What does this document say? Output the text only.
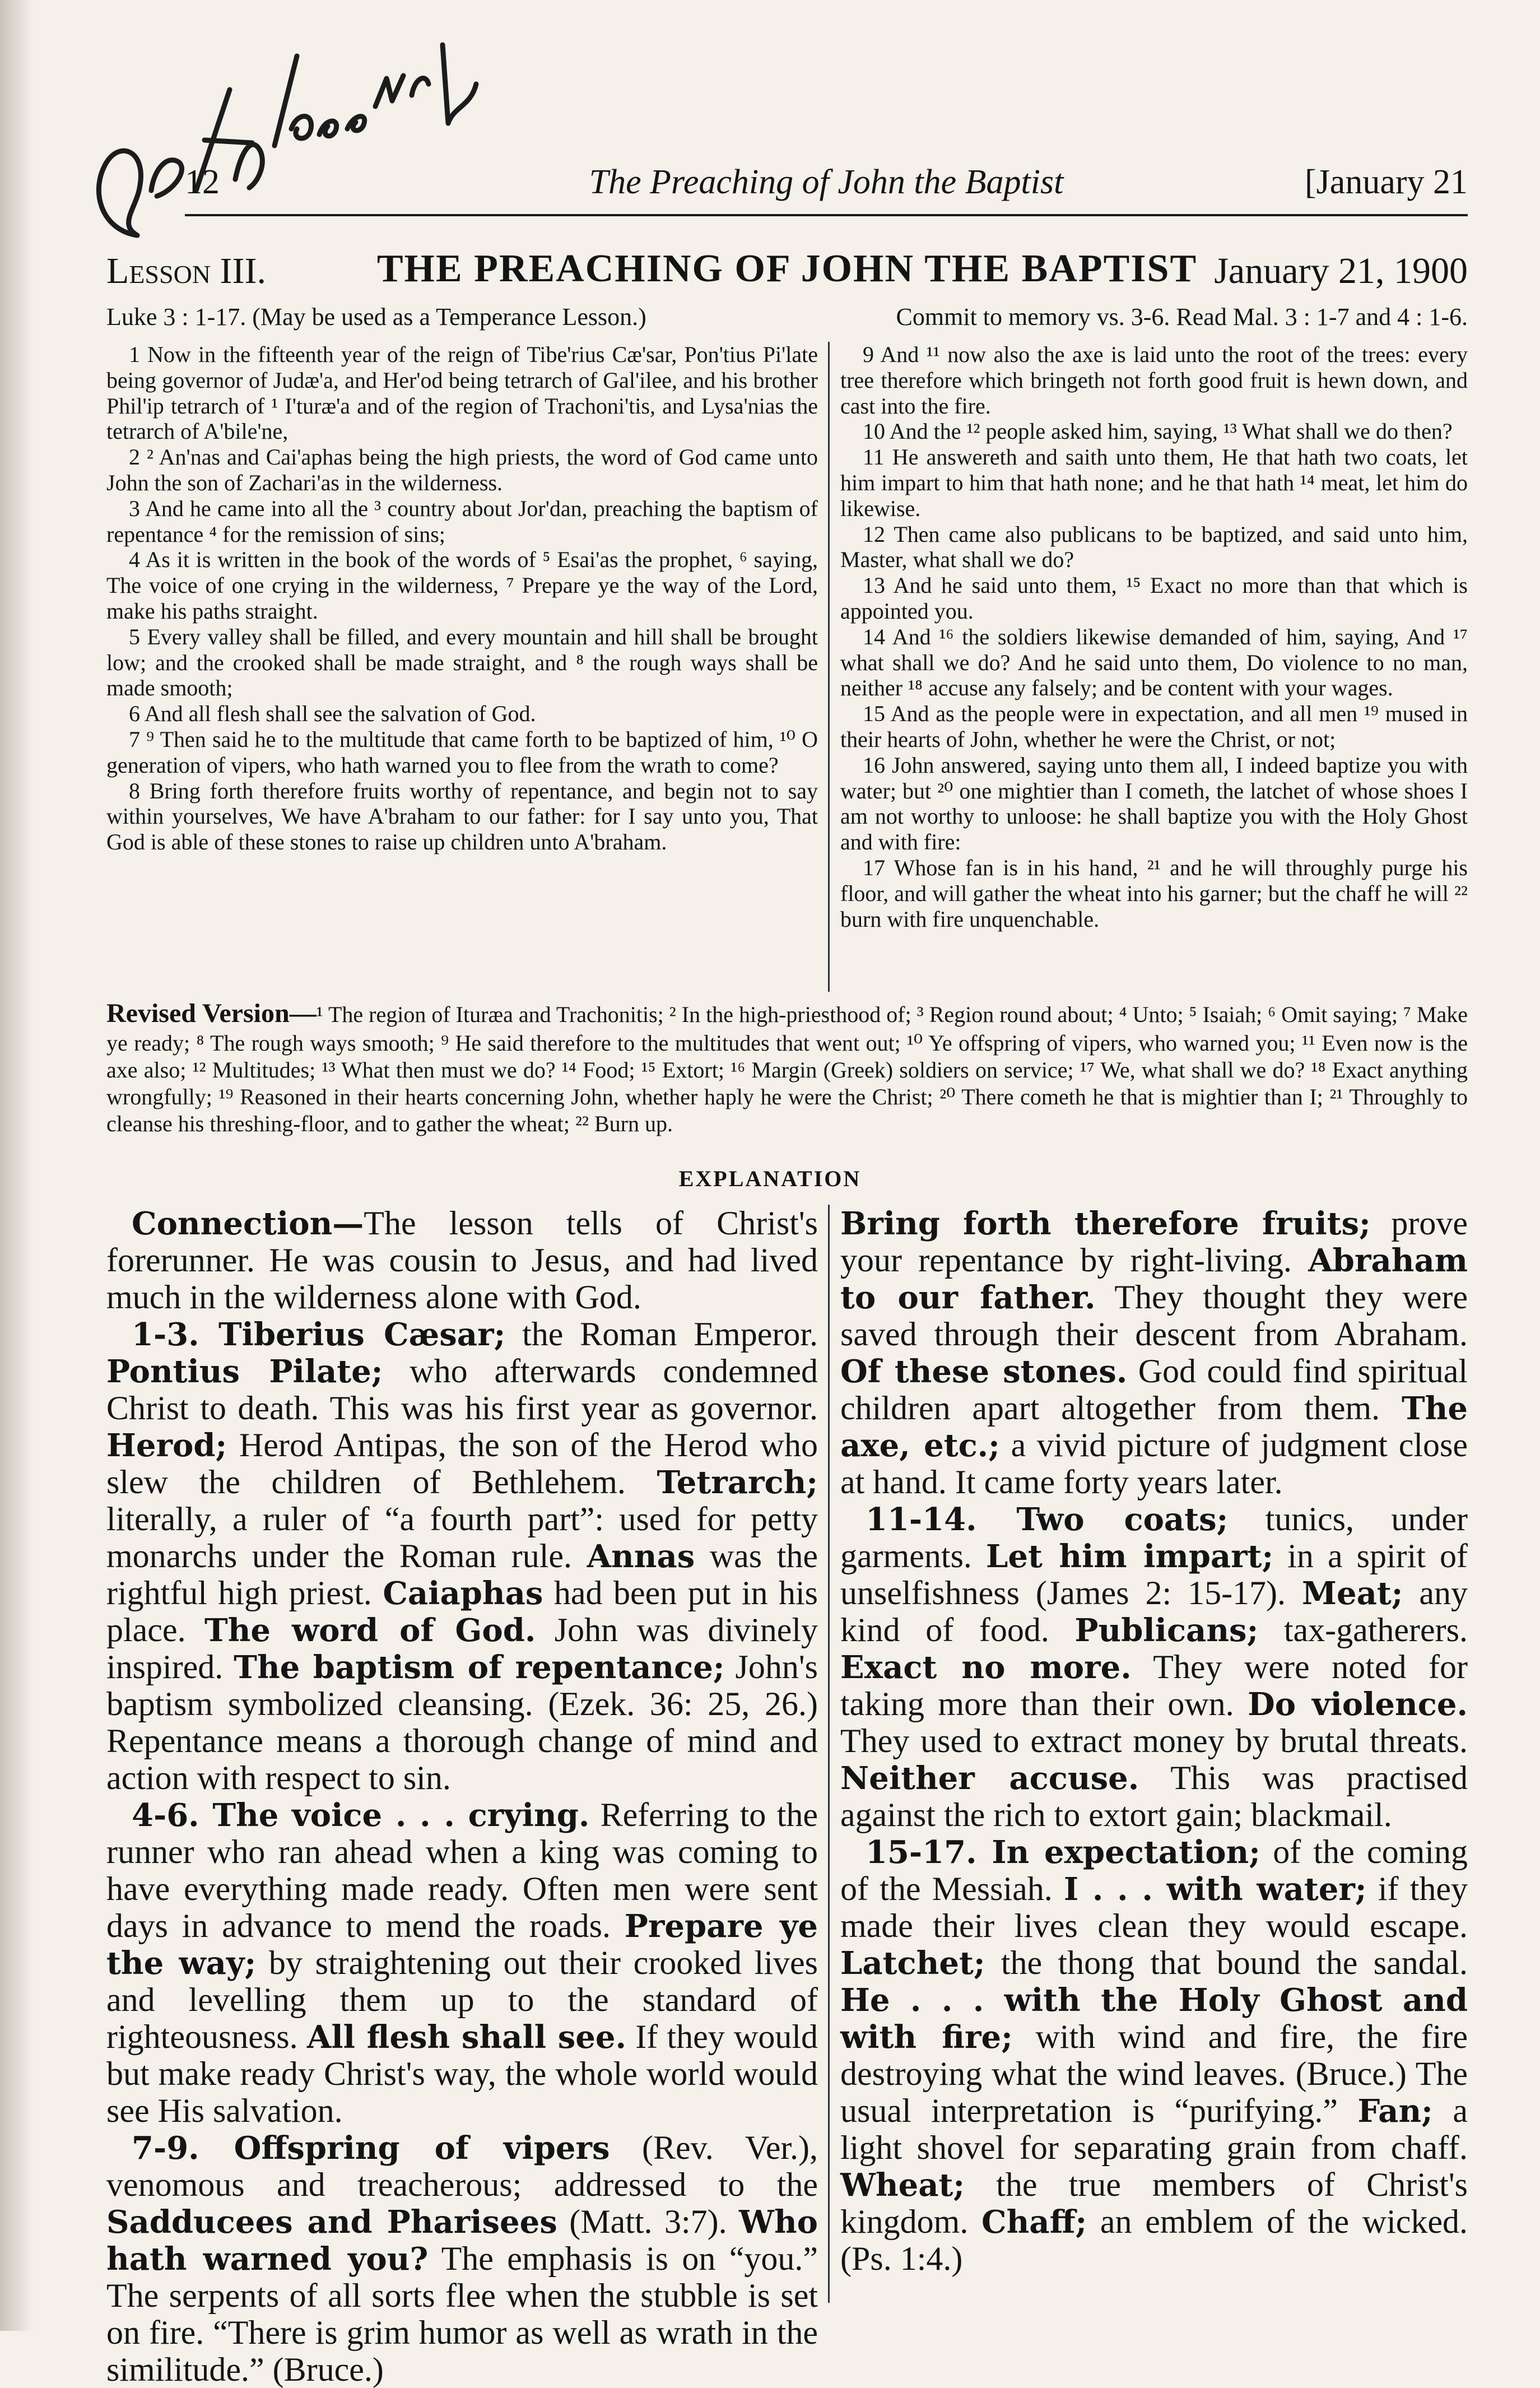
12	The Preaching of John the Baptist	[January 21
Lesson III.	THE PREACHING OF JOHN THE BAPTIST January 21, 1900
Luke 3 : 1-17. (May be used as a Temperance Lesson.)	Commit to memory vs. 3-6. Read Mal. 3 : 1-7 and 4 : 1-6.

1 Now in the fifteenth year of the reign of Tibe'rius Cæ'sar, Pon'tius Pi'late being governor of Judæ'a, and Her'od being tetrarch of Gal'ilee, and his brother Phil'ip tetrarch of ¹ I'turæ'a and of the region of Trachoni'tis, and Lysa'nias the tetrarch of A'bile'ne,

2 ² An'nas and Cai'aphas being the high priests, the word of God came unto John the son of Zachari'as in the wilderness.

3 And he came into all the ³ country about Jor'dan, preaching the baptism of repentance ⁴ for the remission of sins;

4 As it is written in the book of the words of ⁵ Esai'as the prophet, ⁶ saying, The voice of one crying in the wilderness, ⁷ Prepare ye the way of the Lord, make his paths straight.

5 Every valley shall be filled, and every mountain and hill shall be brought low; and the crooked shall be made straight, and ⁸ the rough ways shall be made smooth;

6 And all flesh shall see the salvation of God.

7 ⁹ Then said he to the multitude that came forth to be baptized of him, ¹⁰ O generation of vipers, who hath warned you to flee from the wrath to come?

8 Bring forth therefore fruits worthy of repentance, and begin not to say within yourselves, We have A'braham to our father: for I say unto you, That God is able of these stones to raise up children unto A'braham.

9 And ¹¹ now also the axe is laid unto the root of the trees: every tree therefore which bringeth not forth good fruit is hewn down, and cast into the fire.

10 And the ¹² people asked him, saying, ¹³ What shall we do then?

11 He answereth and saith unto them, He that hath two coats, let him impart to him that hath none; and he that hath ¹⁴ meat, let him do likewise.

12 Then came also publicans to be baptized, and said unto him, Master, what shall we do?

13 And he said unto them, ¹⁵ Exact no more than that which is appointed you.

14 And ¹⁶ the soldiers likewise demanded of him, saying, And ¹⁷ what shall we do? And he said unto them, Do violence to no man, neither ¹⁸ accuse any falsely; and be content with your wages.

15 And as the people were in expectation, and all men ¹⁹ mused in their hearts of John, whether he were the Christ, or not;

16 John answered, saying unto them all, I indeed baptize you with water; but ²⁰ one mightier than I cometh, the latchet of whose shoes I am not worthy to unloose: he shall baptize you with the Holy Ghost and with fire:

17 Whose fan is in his hand, ²¹ and he will throughly purge his floor, and will gather the wheat into his garner; but the chaff he will ²² burn with fire unquenchable.

Revised Version—¹ The region of Ituræa and Trachonitis; ² In the high-priesthood of; ³ Region round about; ⁴ Unto; ⁵ Isaiah; ⁶ Omit saying; ⁷ Make ye ready; ⁸ The rough ways smooth; ⁹ He said therefore to the multitudes that went out; ¹⁰ Ye offspring of vipers, who warned you; ¹¹ Even now is the axe also; ¹² Multitudes; ¹³ What then must we do? ¹⁴ Food; ¹⁵ Extort; ¹⁶ Margin (Greek) soldiers on service; ¹⁷ We, what shall we do? ¹⁸ Exact anything wrongfully; ¹⁹ Reasoned in their hearts concerning John, whether haply he were the Christ; ²⁰ There cometh he that is mightier than I; ²¹ Throughly to cleanse his threshing-floor, and to gather the wheat; ²² Burn up.
EXPLANATION

Connection—The lesson tells of Christ's forerunner. He was cousin to Jesus, and had lived much in the wilderness alone with God.

1-3. Tiberius Cæsar; the Roman Emperor. Pontius Pilate; who afterwards condemned Christ to death. This was his first year as governor. Herod; Herod Antipas, the son of the Herod who slew the children of Bethlehem. Tetrarch; literally, a ruler of “a fourth part”: used for petty monarchs under the Roman rule. Annas was the rightful high priest. Caiaphas had been put in his place. The word of God. John was divinely inspired. The baptism of repentance; John's baptism symbolized cleansing. (Ezek. 36: 25, 26.) Repentance means a thorough change of mind and action with respect to sin.

4-6. The voice . . . crying. Referring to the runner who ran ahead when a king was coming to have everything made ready. Often men were sent days in advance to mend the roads. Prepare ye the way; by straightening out their crooked lives and levelling them up to the standard of righteousness. All flesh shall see. If they would but make ready Christ's way, the whole world would see His salvation.

7-9. Offspring of vipers (Rev. Ver.), venomous and treacherous; addressed to the Sadducees and Pharisees (Matt. 3:7). Who hath warned you? The emphasis is on “you.” The serpents of all sorts flee when the stubble is set on fire. “There is grim humor as well as wrath in the similitude.” (Bruce.)

Bring forth therefore fruits; prove your repentance by right-living. Abraham to our father. They thought they were saved through their descent from Abraham. Of these stones. God could find spiritual children apart altogether from them. The axe, etc.; a vivid picture of judgment close at hand. It came forty years later.

11-14. Two coats; tunics, under garments. Let him impart; in a spirit of unselfishness (James 2: 15-17). Meat; any kind of food. Publicans; tax-gatherers. Exact no more. They were noted for taking more than their own. Do violence. They used to extract money by brutal threats. Neither accuse. This was practised against the rich to extort gain; blackmail.

15-17. In expectation; of the coming of the Messiah. I . . . with water; if they made their lives clean they would escape. Latchet; the thong that bound the sandal. He . . . with the Holy Ghost and with fire; with wind and fire, the fire destroying what the wind leaves. (Bruce.) The usual interpretation is “purifying.” Fan; a light shovel for separating grain from chaff. Wheat; the true members of Christ's kingdom. Chaff; an emblem of the wicked. (Ps. 1:4.)
